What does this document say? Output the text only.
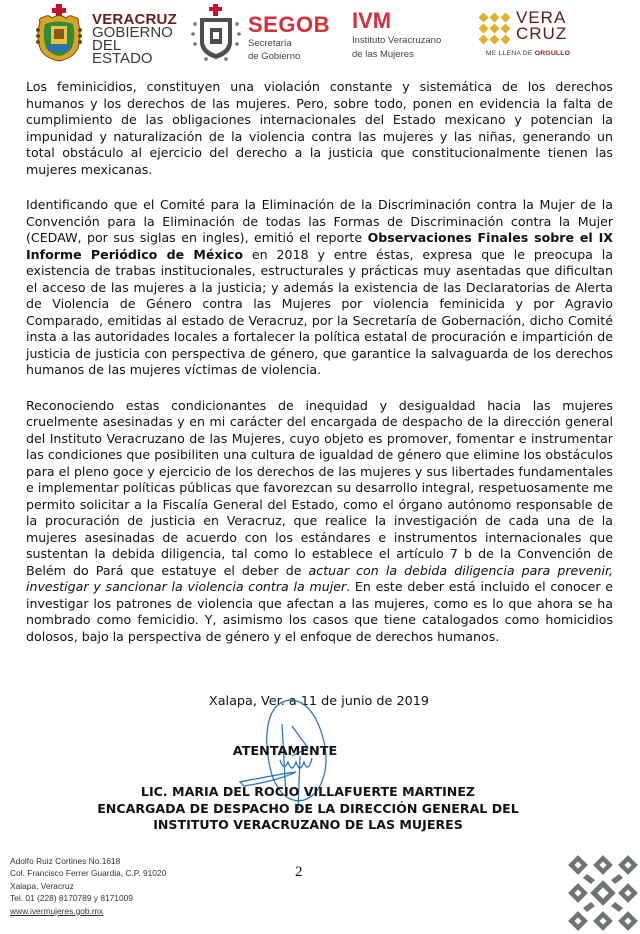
VERACRUZ
GOBIERNO
DEL ESTADO
SEGOB
Secretaría
de Gobierno
IVM
Instituto Veracruzano
de las Mujeres
VERA
CRUZ
ME LLENA DE ORGULLO

Los feminicidios, constituyen una violación constante y sistemática de los derechos humanos y los derechos de las mujeres. Pero, sobre todo, ponen en evidencia la falta de cumplimiento de las obligaciones internacionales del Estado mexicano y potencian la impunidad y naturalización de la violencia contra las mujeres y las niñas, generando un total obstáculo al ejercicio del derecho a la justicia que constitucionalmente tienen las mujeres mexicanas.

Identificando que el Comité para la Eliminación de la Discriminación contra la Mujer de la Convención para la Eliminación de todas las Formas de Discriminación contra la Mujer (CEDAW, por sus siglas en ingles), emitió el reporte Observaciones Finales sobre el IX Informe Periódico de México en 2018 y entre éstas, expresa que le preocupa la existencia de trabas institucionales, estructurales y prácticas muy asentadas que dificultan el acceso de las mujeres a la justicia; y además la existencia de las Declaratorias de Alerta de Violencia de Género contra las Mujeres por violencia feminicida y por Agravio Comparado, emitidas al estado de Veracruz, por la Secretaría de Gobernación, dicho Comité insta a las autoridades locales a fortalecer la política estatal de procuración e impartición de justicia de justicia con perspectiva de género, que garantice la salvaguarda de los derechos humanos de las mujeres víctimas de violencia.

Reconociendo estas condicionantes de inequidad y desigualdad hacia las mujeres cruelmente asesinadas y en mi carácter del encargada de despacho de la dirección general del Instituto Veracruzano de las Mujeres, cuyo objeto es promover, fomentar e instrumentar las condiciones que posibiliten una cultura de igualdad de género que elimine los obstáculos para el pleno goce y ejercicio de los derechos de las mujeres y sus libertades fundamentales e implementar políticas públicas que favorezcan su desarrollo integral, respetuosamente me permito solicitar a la Fiscalía General del Estado, como el órgano autónomo responsable de la procuración de justicia en Veracruz, que realice la investigación de cada una de la mujeres asesinadas de acuerdo con los estándares e instrumentos internacionales que sustentan la debida diligencia, tal como lo establece el artículo 7 b de la Convención de Belém do Pará que estatuye el deber de actuar con la debida diligencia para prevenir, investigar y sancionar la violencia contra la mujer. En este deber está incluido el conocer e investigar los patrones de violencia que afectan a las mujeres, como es lo que ahora se ha nombrado como femicidio. Y, asimismo los casos que tiene catalogados como homicidios dolosos, bajo la perspectiva de género y el enfoque de derechos humanos.

Xalapa, Ver. a 11 de junio de 2019
ATENTAMENTE
LIC. MARIA DEL ROCIO VILLAFUERTE MARTINEZ
ENCARGADA DE DESPACHO DE LA DIRECCIÓN GENERAL DEL
INSTITUTO VERACRUZANO DE LAS MUJERES
Adolfo Ruiz Cortines No.1618
Col. Francisco Ferrer Guardia, C.P. 91020
Xalapa, Veracruz
Tel. 01 (228) 8170789 y 8171009
www.ivermujeres.gob.mx
2
